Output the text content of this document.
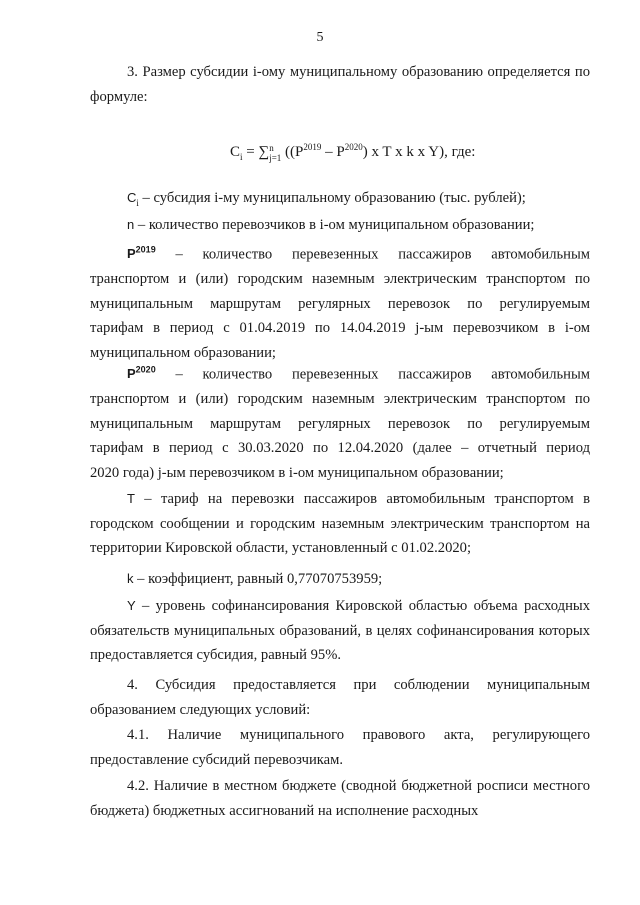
5

3. Размер субсидии i-ому муниципальному образованию определяется по формуле:

$C_i$ = ∑ n
j=1 ($(P^{2019} - P^{2020})$ x T x k x Y), где:

$C_i$ – субсидия i-му муниципальному образованию (тыс. рублей);

n – количество перевозчиков в i-ом муниципальном образовании;

$P^{2019}$ – количество перевезенных пассажиров автомобильным
транспортом и (или) городским наземным электрическим транспортом по
муниципальным маршрутам регулярных перевозок по регулируемым
тарифам в период с 01.04.2019 по 14.04.2019 j-ым перевозчиком в i-ом
муниципальном образовании;
$P^{2020}$ – количество перевезенных пассажиров автомобильным
транспортом и (или) городским наземным электрическим транспортом по
муниципальным маршрутам регулярных перевозок по регулируемым
тарифам в период с 30.03.2020 по 12.04.2020 (далее – отчетный период
2020 года) j-ым перевозчиком в i-ом муниципальном образовании;

T – тариф на перевозки пассажиров автомобильным транспортом в городском сообщении и городским наземным электрическим транспортом на территории Кировской области, установленный с 01.02.2020;

k – коэффициент, равный 0,77070753959;

Y – уровень софинансирования Кировской областью объема расходных обязательств муниципальных образований, в целях софинансирования которых предоставляется субсидия, равный 95%.

4. Субсидия предоставляется при соблюдении муниципальным образованием следующих условий:

4.1. Наличие муниципального правового акта, регулирующего предоставление субсидий перевозчикам.

4.2. Наличие в местном бюджете (сводной бюджетной росписи местного бюджета) бюджетных ассигнований на исполнение расходных
